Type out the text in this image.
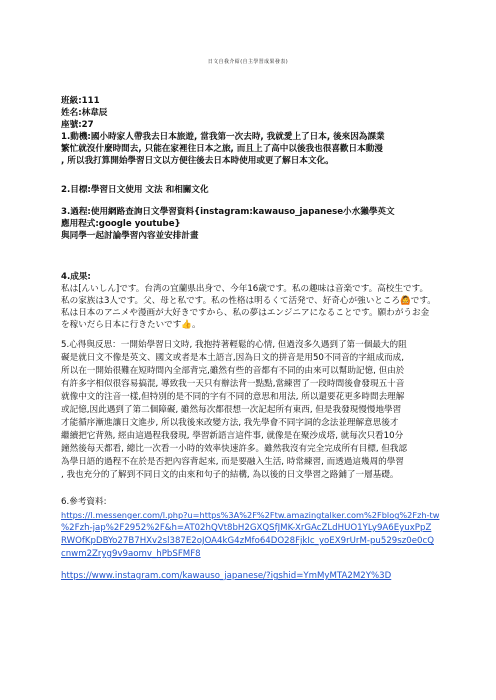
日文自我介紹(自主學習成果發表)
班級:111
姓名:林韋辰
座號:27
1.動機:國小時家人帶我去日本旅遊, 當我第一次去時, 我就愛上了日本, 後來因為課業
繁忙就沒什麼時間去, 只能在家裡往日本之旅, 而且上了高中以後我也很喜歡日本動漫
, 所以我打算開始學習日文以方便往後去日本時使用或更了解日本文化。
2.目標:學習日文使用 文法 和相關文化
3.過程:使用網路查詢日文學習資料{instagram:kawauso_japanese小水獺學英文
應用程式:google youtube}
與同學一起討論學習內容並安排計畫
4.成果:
私は[んいしん]です。台湾の宜蘭県出身で、今年16歳です。私の趣味は音楽です。高校生です。
私の家族は3人です。父、母と私です。私の性格は明るくて活発で、好奇心が強いところ🙆です。
私は日本のアニメや漫画が大好きですから、私の夢はエンジニアになることです。願わがうお金
を稼いだら日本に行きたいです👍。
5.心得與反思：一開始學習日文時, 我抱持著輕鬆的心情, 但過沒多久遇到了第一個最大的阻
礙是就日文不像是英文、國文或者是本土語言,因為日文的拼音是用50不同音的字組成而成,
所以在一開始很難在短時間內全部背完,雖然有些的音都有不同的由來可以幫助記憶, 但由於
有許多字相似很容易搞混, 導致我一天只有辦法背一點點,當練習了一段時間後會發現五十音
就像中文的注音一樣,但特別的是不同的字有不同的意思和用法, 所以還要花更多時間去理解
或記憶,因此遇到了第二個障礙, 雖然每次都很想一次記起所有東西, 但是我發現慢慢地學習
才能循序漸進讓日文進步, 所以我後來改變方法, 我先學會不同字詞的念法並理解意思後才
繼續把它背熟, 經由這過程我發現, 學習新語言這件事, 就像是在聚沙成塔, 就每次只看10分
鐘然後每天都看, 總比一次看一小時的效率快速許多。雖然我沒有完全完成所有目標, 但我認
為學日語的過程不在於是否把內容背起來, 而是要融入生活, 時常練習, 而透過這幾周的學習
, 我也充分的了解到不同日文的由來和句子的結構, 為以後的日文學習之路鋪了一層基礎。
6.參考資料:
https://l.messenger.com/l.php?u=https%3A%2F%2Ftw.amazingtalker.com%2Fblog%2Fzh-tw
%2Fzh-jap%2F2952%2F&h=AT02hQVt8bH2GXQSfJMK-XrGAcZLdHUO1YLy9A6EyuxPpZ
RWOfKpDBYo27B7HXv2sl387E2oJOA4kG4zMfo64DO28FjkIc_yoEX9rUrM-pu529sz0e0cQ
cnwm2Zryg9v9aomv_hPbSFMF8
https://www.instagram.com/kawauso_japanese/?igshid=YmMyMTA2M2Y%3D
